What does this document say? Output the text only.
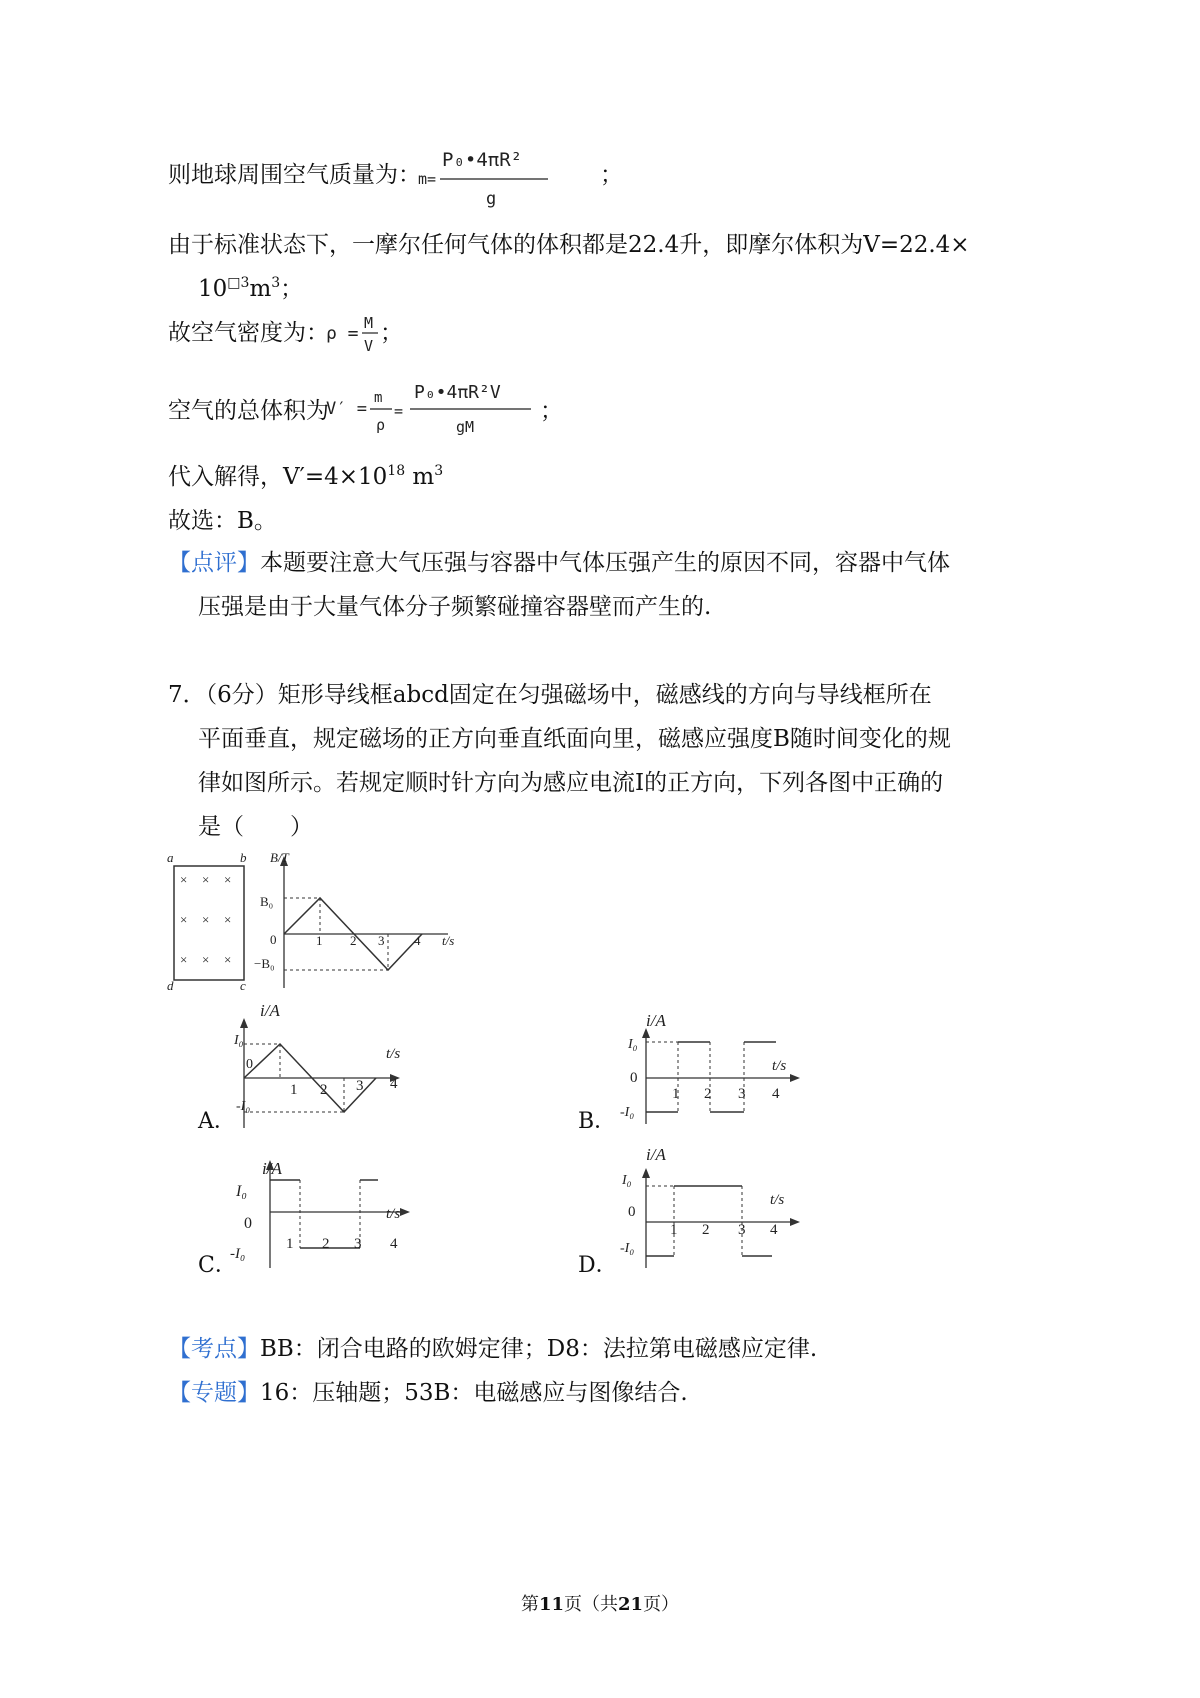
则地球周围空气质量为：
m=
P₀•4πR²
g
；
由于标准状态下，一摩尔任何气体的体积都是22.4升，即摩尔体积为V=22.4×
$10^{□3}m^3$；
故空气密度为：
ρ = M
V ；
空气的总体积为
V′ =
m
ρ
=
P₀•4πR²V
gM
；
代入解得，$V'=4\times 10^{18}$ $m^3$
故选：B。
【点评】本题要注意大气压强与容器中气体压强产生的原因不同，容器中气体
压强是由于大量气体分子频繁碰撞容器壁而产生的.
7．（6分）矩形导线框abcd固定在匀强磁场中，磁感线的方向与导线框所在
平面垂直，规定磁场的正方向垂直纸面向里，磁感应强度B随时间变化的规
律如图所示。若规定顺时针方向为感应电流I的正方向，下列各图中正确的
是（　　）
a	b
d	c
× × ×
× × ×
× × ×
B/T
B₀
0
−B₀
t/s
1 2 3 4
A．
i/A
I₀
0
-I₀
t/s
1 2 3 4
B．
i/A
I₀
0
-I₀
t/s
1 2 3 4
C．
i/A
I₀
0
-I₀
t/s
1 2 3 4
D．
i/A
I₀
0
-I₀
t/s
1 2 3 4
【考点】BB：闭合电路的欧姆定律；D8：法拉第电磁感应定律.
【专题】16：压轴题；53B：电磁感应与图像结合.
第11页（共21页）
